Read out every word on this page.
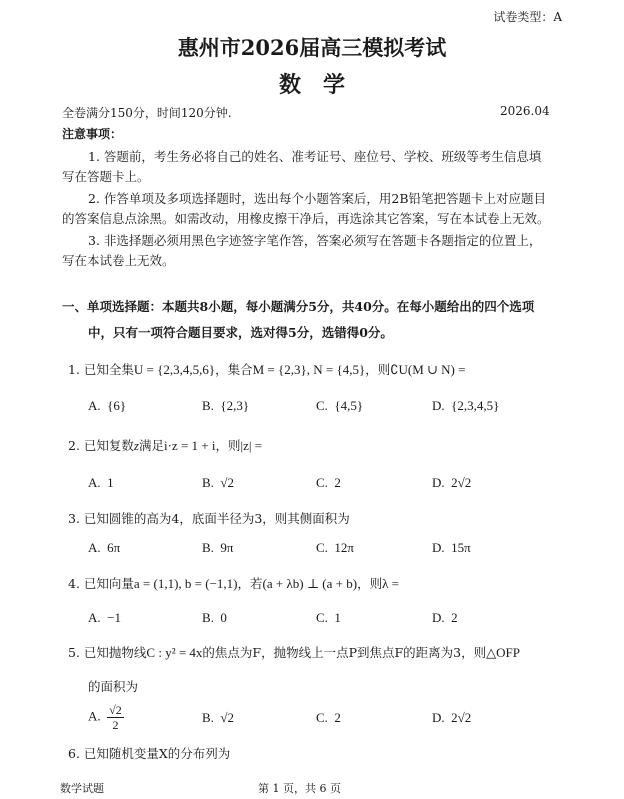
试卷类型：A
惠州市2026届高三模拟考试
数　学
全卷满分150分，时间120分钟.	2026.04
注意事项：
1. 答题前，考生务必将自己的姓名、准考证号、座位号、学校、班级等考生信息填
写在答题卡上。
2. 作答单项及多项选择题时，选出每个小题答案后，用2B铅笔把答题卡上对应题目
的答案信息点涂黑。如需改动，用橡皮擦干净后，再选涂其它答案，写在本试卷上无效。
3. 非选择题必须用黑色字迹签字笔作答，答案必须写在答题卡各题指定的位置上，
写在本试卷上无效。
一、单项选择题：本题共8小题，每小题满分5分，共40分。在每小题给出的四个选项
中，只有一项符合题目要求，选对得5分，选错得0分。
1. 已知全集U = {2,3,4,5,6}，集合M = {2,3}, N = {4,5}，则∁U(M ∪ N) =
A. {6}	B. {2,3}	C. {4,5}	D. {2,3,4,5}
2. 已知复数z满足i·z = 1 + i，则|z| =
A. 1	B. √2	C. 2	D. 2√2
3. 已知圆锥的高为4，底面半径为3，则其侧面积为
A. 6π	B. 9π	C. 12π	D. 15π
4. 已知向量a = (1,1), b = (−1,1)，若(a + λb) ⊥ (a + b)，则λ =
A. −1	B. 0	C. 1	D. 2
5. 已知抛物线C : y² = 4x的焦点为F，抛物线上一点P到焦点F的距离为3，则△OFP
的面积为
A. $\frac{√2}{2}$	B. √2	C. 2	D. 2√2
6. 已知随机变量X的分布列为
数学试题	第 1 页，共 6 页
